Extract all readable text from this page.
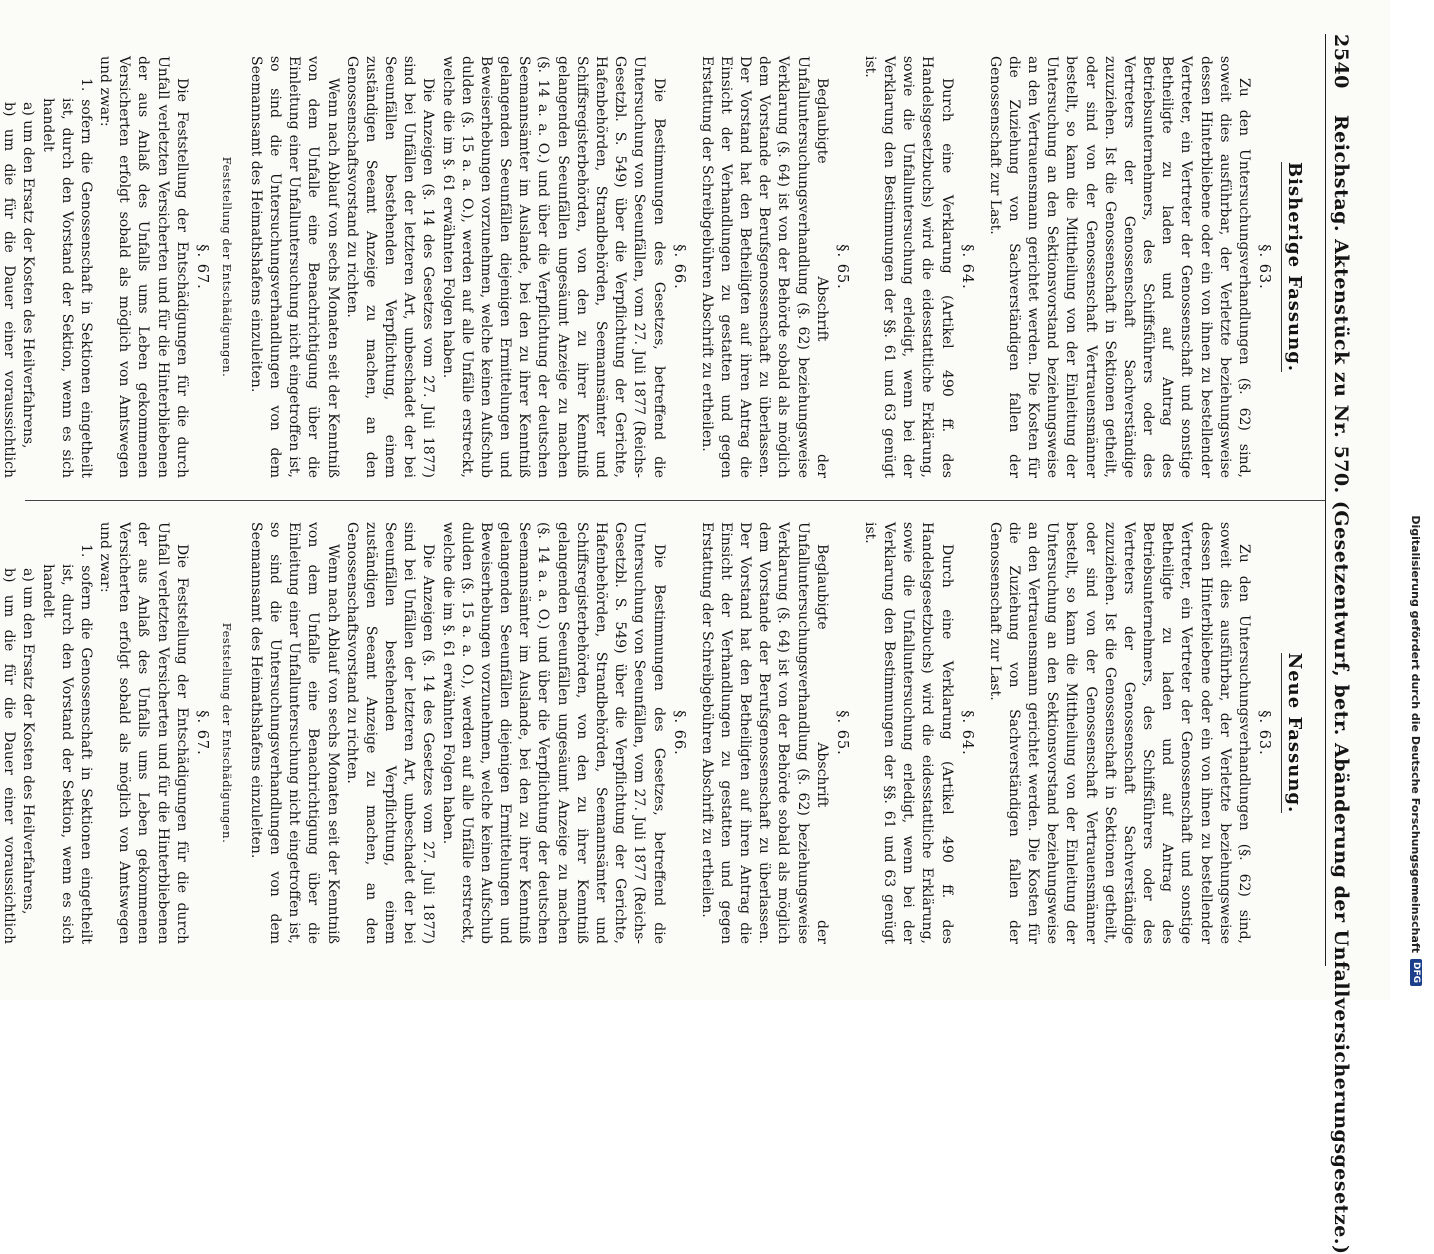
2540
Reichstag. Aktenstück zu Nr. 570. (Gesetzentwurf, betr. Abänderung der Unfallversicherungsgesetze.)
Bisherige Fassung.
§. 63.

Zu den Untersuchungsverhandlungen (§. 62) sind, soweit dies ausführbar, der Verletzte beziehungsweise dessen Hinterbliebene oder ein von ihnen zu bestellender Vertreter, ein Vertreter der Genossenschaft und sonstige Betheiligte zu laden und auf Antrag des Betriebsunternehmers, des Schiffsführers oder des Vertreters der Genossenschaft Sachverständige zuzuziehen. Ist die Genossenschaft in Sektionen getheilt, oder sind von der Genossenschaft Vertrauensmänner bestellt, so kann die Mittheilung von der Einleitung der Untersuchung an den Sektionsvorstand beziehungsweise an den Vertrauensmann gerichtet werden. Die Kosten für die Zuziehung von Sachverständigen fallen der Genossenschaft zur Last.

§. 64.

Durch eine Verklarung (Artikel 490 ff. des Handelsgesetzbuchs) wird die eidesstattliche Erklärung, sowie die Unfalluntersuchung erledigt, wenn bei der Verklarung den Bestimmungen der §§. 61 und 63 genügt ist.

§. 65.

Beglaubigte Abschrift der Unfalluntersuchungsverhandlung (§. 62) beziehungsweise Verklarung (§. 64) ist von der Behörde sobald als möglich dem Vorstande der Berufsgenossenschaft zu überlassen. Der Vorstand hat den Betheiligten auf ihren Antrag die Einsicht der Verhandlungen zu gestatten und gegen Erstattung der Schreibgebühren Abschrift zu ertheilen.

§. 66.

Die Bestimmungen des Gesetzes, betreffend die Untersuchung von Seeunfällen, vom 27. Juli 1877 (Reichs-Gesetzbl. S. 549) über die Verpflichtung der Gerichte, Hafenbehörden, Strandbehörden, Seemannsämter und Schiffsregisterbehörden, von den zu ihrer Kenntniß gelangenden Seeunfällen ungesäumt Anzeige zu machen (§. 14 a. a. O.) und über die Verpflichtung der deutschen Seemannsämter im Auslande, bei den zu ihrer Kenntniß gelangenden Seeunfällen diejenigen Ermittelungen und Beweiserhebungen vorzunehmen, welche keinen Aufschub dulden (§. 15 a. a. O.), werden auf alle Unfälle erstreckt, welche die im §. 61 erwähnten Folgen haben.

Die Anzeigen (§. 14 des Gesetzes vom 27. Juli 1877) sind bei Unfällen der letzteren Art, unbeschadet der bei Seeunfällen bestehenden Verpflichtung, einem zuständigen Seeamt Anzeige zu machen, an den Genossenschaftsvorstand zu richten.

Wenn nach Ablauf von sechs Monaten seit der Kenntniß von dem Unfalle eine Benachrichtigung über die Einleitung einer Unfalluntersuchung nicht eingetroffen ist, so sind die Untersuchungsverhandlungen von dem Seemannsamt des Heimathshafens einzuleiten.

Feststellung der Entschädigungen.
§. 67.

Die Feststellung der Entschädigungen für die durch Unfall verletzten Versicherten und für die Hinterbliebenen der aus Anlaß des Unfalls ums Leben gekommenen Versicherten erfolgt sobald als möglich von Amtswegen und zwar:

1. sofern die Genossenschaft in Sektionen eingetheilt ist, durch den Vorstand der Sektion, wenn es sich handelt
a) um den Ersatz der Kosten des Heilverfahrens,
b) um die für die Dauer einer voraussichtlich
Neue Fassung.
§. 63.

Zu den Untersuchungsverhandlungen (§. 62) sind, soweit dies ausführbar, der Verletzte beziehungsweise dessen Hinterbliebene oder ein von ihnen zu bestellender Vertreter, ein Vertreter der Genossenschaft und sonstige Betheiligte zu laden und auf Antrag des Betriebsunternehmers, des Schiffsführers oder des Vertreters der Genossenschaft Sachverständige zuzuziehen. Ist die Genossenschaft in Sektionen getheilt, oder sind von der Genossenschaft Vertrauensmänner bestellt, so kann die Mittheilung von der Einleitung der Untersuchung an den Sektionsvorstand beziehungsweise an den Vertrauensmann gerichtet werden. Die Kosten für die Zuziehung von Sachverständigen fallen der Genossenschaft zur Last.

§. 64.

Durch eine Verklarung (Artikel 490 ff. des Handelsgesetzbuchs) wird die eidesstattliche Erklärung, sowie die Unfalluntersuchung erledigt, wenn bei der Verklarung den Bestimmungen der §§. 61 und 63 genügt ist.

§. 65.

Beglaubigte Abschrift der Unfalluntersuchungsverhandlung (§. 62) beziehungsweise Verklarung (§. 64) ist von der Behörde sobald als möglich dem Vorstande der Berufsgenossenschaft zu überlassen. Der Vorstand hat den Betheiligten auf ihren Antrag die Einsicht der Verhandlungen zu gestatten und gegen Erstattung der Schreibgebühren Abschrift zu ertheilen.

§. 66.

Die Bestimmungen des Gesetzes, betreffend die Untersuchung von Seeunfällen, vom 27. Juli 1877 (Reichs-Gesetzbl. S. 549) über die Verpflichtung der Gerichte, Hafenbehörden, Strandbehörden, Seemannsämter und Schiffsregisterbehörden, von den zu ihrer Kenntniß gelangenden Seeunfällen ungesäumt Anzeige zu machen (§. 14 a. a. O.) und über die Verpflichtung der deutschen Seemannsämter im Auslande, bei den zu ihrer Kenntniß gelangenden Seeunfällen diejenigen Ermittelungen und Beweiserhebungen vorzunehmen, welche keinen Aufschub dulden (§. 15 a. a. O.), werden auf alle Unfälle erstreckt, welche die im §. 61 erwähnten Folgen haben.

Die Anzeigen (§. 14 des Gesetzes vom 27. Juli 1877) sind bei Unfällen der letzteren Art, unbeschadet der bei Seeunfällen bestehenden Verpflichtung, einem zuständigen Seeamt Anzeige zu machen, an den Genossenschaftsvorstand zu richten.

Wenn nach Ablauf von sechs Monaten seit der Kenntniß von dem Unfalle eine Benachrichtigung über die Einleitung einer Unfalluntersuchung nicht eingetroffen ist, so sind die Untersuchungsverhandlungen von dem Seemannsamt des Heimathshafens einzuleiten.

Feststellung der Entschädigungen.
§. 67.

Die Feststellung der Entschädigungen für die durch Unfall verletzten Versicherten und für die Hinterbliebenen der aus Anlaß des Unfalls ums Leben gekommenen Versicherten erfolgt sobald als möglich von Amtswegen und zwar:

1. sofern die Genossenschaft in Sektionen eingetheilt ist, durch den Vorstand der Sektion, wenn es sich handelt
a) um den Ersatz der Kosten des Heilverfahrens,
b) um die für die Dauer einer voraussichtlich	Digitalisierung gefördert durch die Deutsche Forschungsgemeinschaft
DFG
